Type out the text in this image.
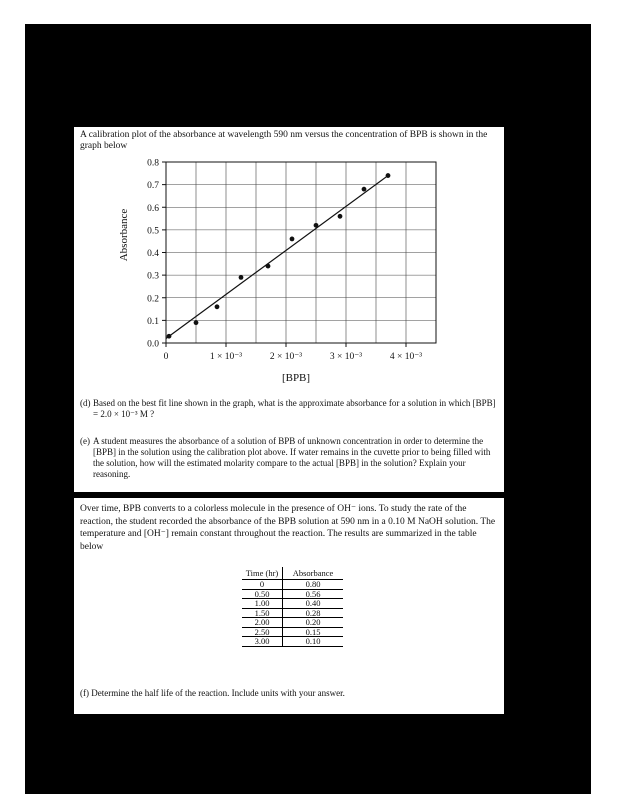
A calibration plot of the absorbance at wavelength 590 nm versus the concentration of BPB is shown in the graph below
0.0
0.1
0.2
0.3
0.4
0.5
0.6
0.7
0.8
0	1 × 10⁻³	2 × 10⁻³	3 × 10⁻³	4 × 10⁻³
Absorbance
[BPB]
(d) Based on the best fit line shown in the graph, what is the approximate absorbance for a solution in which [BPB] = 2.0 × 10⁻³ M ?
(e) A student measures the absorbance of a solution of BPB of unknown concentration in order to determine the [BPB] in the solution using the calibration plot above. If water remains in the cuvette prior to being filled with the solution, how will the estimated molarity compare to the actual [BPB] in the solution? Explain your reasoning.
Over time, BPB converts to a colorless molecule in the presence of OH⁻ ions. To study the rate of the reaction, the student recorded the absorbance of the BPB solution at 590 nm in a 0.10 M NaOH solution. The temperature and [OH⁻] remain constant throughout the reaction. The results are summarized in the table below
Time (hr)	Absorbance
0	0.80
0.50	0.56
1.00	0.40
1.50	0.28
2.00	0.20
2.50	0.15
3.00	0.10
(f) Determine the half life of the reaction. Include units with your answer.
